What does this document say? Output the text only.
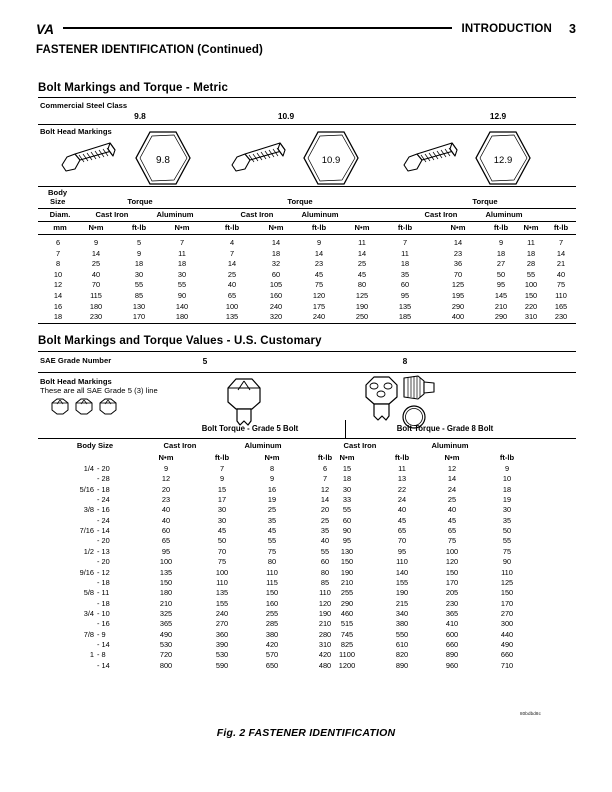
VA	INTRODUCTION 3
FASTENER IDENTIFICATION (Continued)
Bolt Markings and Torque - Metric
Commercial Steel Class
9.8	10.9	12.9
Bolt Head Markings
9.8	10.9	12.9
Body
Size	Torque	Torque	Torque
Diam.	Cast Iron	Aluminum	Cast Iron	Aluminum	Cast Iron	Aluminum
mm	N•m	ft-lb	N•m	ft-lb	N•m	ft-lb	N•m	ft-lb	N•m	ft-lb	N•m	ft-lb
6	9	5	7	4	14	9	11	7	14	9	11	7
7	14	9	11	7	18	14	14	11	23	18	18	14
8	25	18	18	14	32	23	25	18	36	27	28	21
10	40	30	30	25	60	45	45	35	70	50	55	40
12	70	55	55	40	105	75	80	60	125	95	100	75
14	115	85	90	65	160	120	125	95	195	145	150	110
16	180	130	140	100	240	175	190	135	290	210	220	165
18	230	170	180	135	320	240	250	185	400	290	310	230
Bolt Markings and Torque Values - U.S. Customary
SAE Grade Number	5	8
Bolt Head Markings
These are all SAE Grade 5 (3) line
Bolt Torque - Grade 5 Bolt	Bolt Torque - Grade 8 Bolt
Body Size	Cast Iron	Aluminum	Cast Iron	Aluminum
N•m	ft-lb	N•m	ft-lb N•m	ft-lb	N•m	ft-lb
1/4 - 20	9	7	8	6	15	11	12	9
- 28	12	9	9	7	18	13	14	10
5/16 - 18	20	15	16	12	30	22	24	18
- 24	23	17	19	14	33	24	25	19
3/8 - 16	40	30	25	20	55	40	40	30
- 24	40	30	35	25	60	45	45	35
7/16 - 14	60	45	45	35	90	65	65	50
- 20	65	50	55	40	95	70	75	55
1/2 - 13	95	70	75	55	130	95	100	75
- 20	100	75	80	60	150	110	120	90
9/16 - 12	135	100	110	80	190	140	150	110
- 18	150	110	115	85	210	155	170	125
5/8 - 11	180	135	150	110	255	190	205	150
- 18	210	155	160	120	290	215	230	170
3/4 - 10	325	240	255	190	460	340	365	270
- 16	365	270	285	210	515	380	410	300
7/8 - 9	490	360	380	280	745	550	600	440
- 14	530	390	420	310	825	610	660	490
1 - 8	720	530	570	420	1100	820	890	660
- 14	800	590	650	480	1200	890	960	710
80bdbd8c
Fig. 2 FASTENER IDENTIFICATION
